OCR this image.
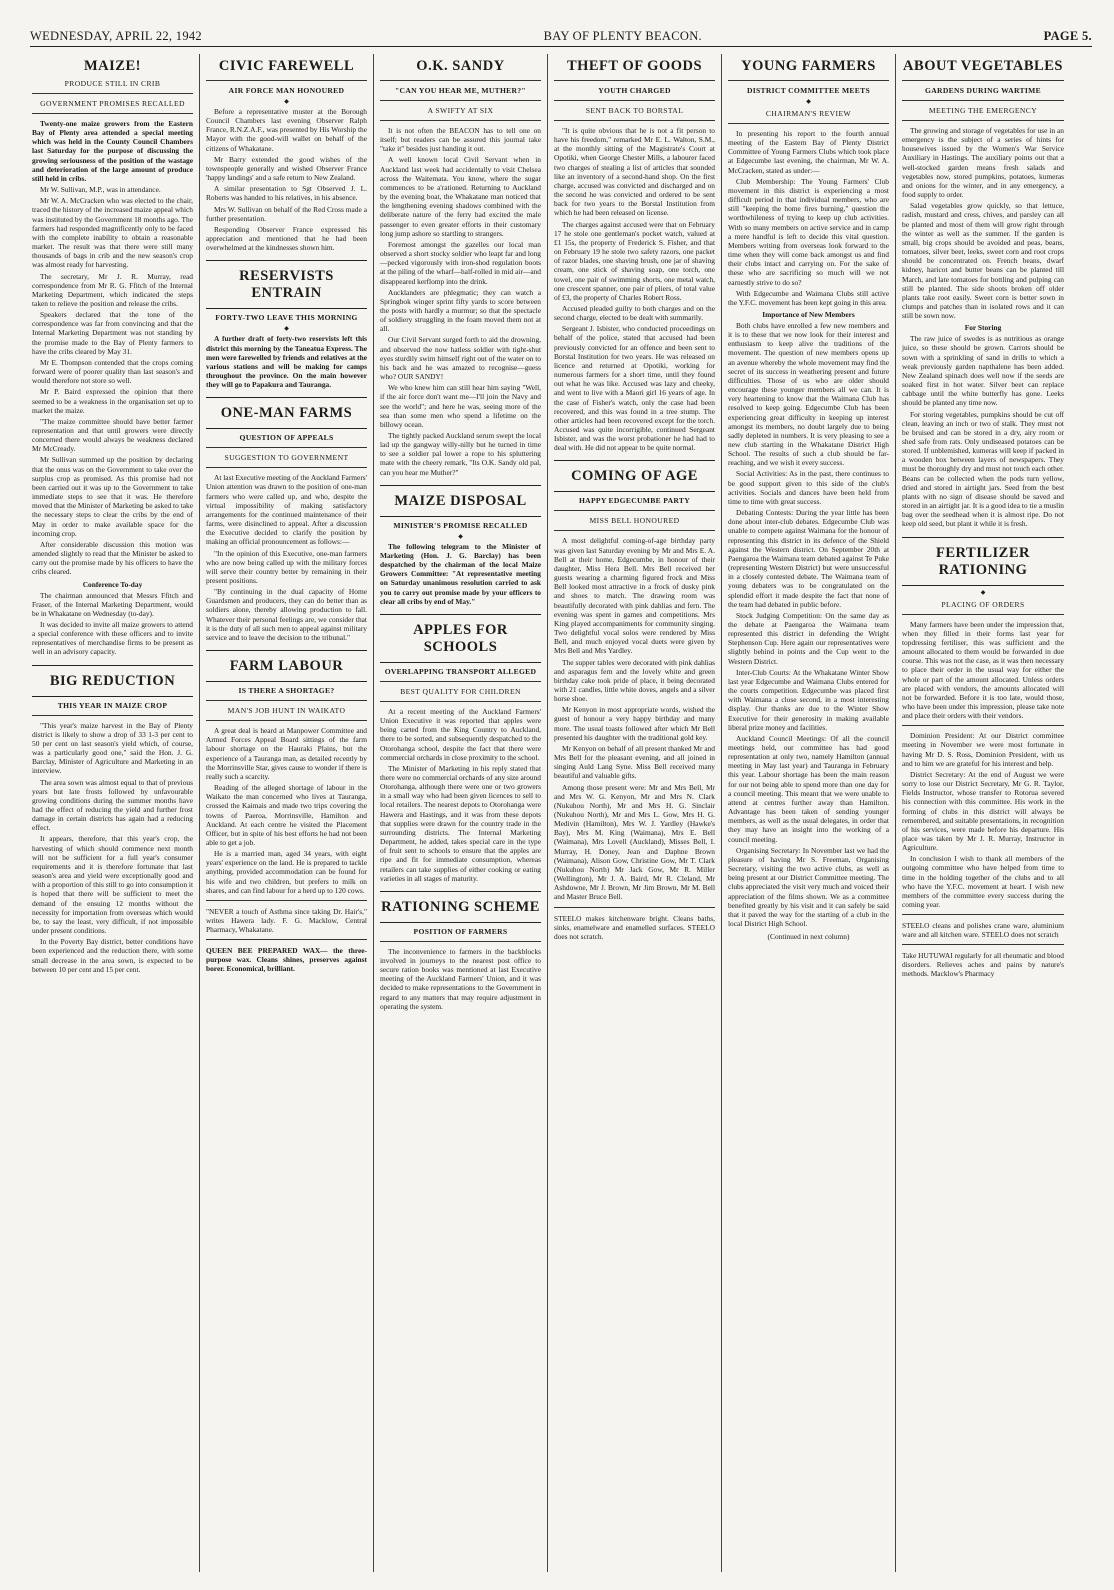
WEDNESDAY, APRIL 22, 1942	BAY OF PLENTY BEACON.	PAGE 5.
MAIZE!
PRODUCE STILL IN CRIB
GOVERNMENT PROMISES RECALLED

Twenty-one maize growers from the Eastern Bay of Plenty area attended a special meeting which was held in the County Council Chambers last Saturday for the purpose of discussing the growing seriousness of the position of the wastage and deterioration of the large amount of produce still held in cribs.

Mr W. Sullivan, M.P., was in attendance.

Mr W. A. McCracken who was elected to the chair, traced the history of the increased maize appeal which was instituted by the Government 18 months ago. The farmers had responded magnificently only to be faced with the complete inability to obtain a reasonable market. The result was that there were still many thousands of bags in crib and the new season's crop was almost ready for harvesting.

The secretary, Mr J. R. Murray, read correspondence from Mr R. G. Ffitch of the Internal Marketing Department, which indicated the steps taken to relieve the position and release the cribs.

Speakers declared that the tone of the correspondence was far from convincing and that the Internal Marketing Department was not standing by the promise made to the Bay of Plenty farmers to have the cribs cleared by May 31.

Mr E. Thompson contended that the crops coming forward were of poorer quality than last season's and would therefore not store so well.

Mr P. Baird expressed the opinion that there seemed to be a weakness in the organisation set up to market the maize.

"The maize committee should have better farmer representation and that until growers were directly concerned there would always be weakness declared Mr McCready.

Mr Sullivan summed up the position by declaring that the onus was on the Government to take over the surplus crop as promised. As this promise had not been carried out it was up to the Government to take immediate steps to see that it was. He therefore moved that the Minister of Marketing be asked to take the necessary steps to clear the cribs by the end of May in order to make available space for the incoming crop.

After considerable discussion this motion was amended slightly to read that the Minister be asked to carry out the promise made by his officers to have the cribs cleared.

Conference To-day

The chairman announced that Messrs Ffitch and Fraser, of the Internal Marketing Department, would be in Whakatane on Wednesday (to-day).

It was decided to invite all maize growers to attend a special conference with these officers and to invite representatives of merchandise firms to be present as well in an advisory capacity.

BIG REDUCTION
THIS YEAR IN MAIZE CROP

"This year's maize harvest in the Bay of Plenty district is likely to show a drop of 33 1-3 per cent to 50 per cent on last season's yield which, of course, was a particularly good one," said the Hon. J. G. Barclay, Minister of Agriculture and Marketing in an interview.

The area sown was almost equal to that of previous years but late frosts followed by unfavourable growing conditions during the summer months have had the effect of reducing the yield and further frost damage in certain districts has again had a reducing effect.

It appears, therefore, that this year's crop, the harvesting of which should commence next month will not be sufficient for a full year's consumer requirements and it is therefore fortunate that last season's area and yield were exceptionally good and with a proportion of this still to go into consumption it is hoped that there will be sufficient to meet the demand of the ensuing 12 months without the necessity for importation from overseas which would be, to say the least, very difficult, if not impossible under present conditions.

In the Poverty Bay district, better conditions have been experienced and the reduction there, with some small decrease in the area sown, is expected to be between 10 per cent and 15 per cent.

CIVIC FAREWELL
AIR FORCE MAN HONOURED
◆

Before a representative muster at the Borough Council Chambers last evening Observer Ralph France, R.N.Z.A.F., was presented by His Worship the Mayor with the good-will wallet on behalf of the citizens of Whakatane.

Mr Barry extended the good wishes of the townspeople generally and wished Observer France 'happy landings' and a safe return to New Zealand.

A similar presentation to Sgt Observed J. L. Roberts was handed to his relatives, in his absence.

Mrs W. Sullivan on behalf of the Red Cross made a further presentation.

Responding Observer France expressed his appreciation and mentioned that he had been overwhelmed at the kindnesses shown him.

RESERVISTS ENTRAIN
FORTY-TWO LEAVE THIS MORNING
◆

A further draft of forty-two reservists left this district this morning by the Taneatua Express. The men were farewelled by friends and relatives at the various stations and will be making for camps throughout the province. On the main however they will go to Papakura and Tauranga.

ONE-MAN FARMS
QUESTION OF APPEALS
SUGGESTION TO GOVERNMENT

At last Executive meeting of the Auckland Farmers' Union attention was drawn to the position of one-man farmers who were called up, and who, despite the virtual impossibility of making satisfactory arrangements for the continued maintenance of their farms, were disinclined to appeal. After a discussion the Executive decided to clarify the position by making an official pronouncement as follows:—

"In the opinion of this Executive, one-man farmers who are now being called up with the military forces will serve their country better by remaining in their present positions.

"By continuing in the dual capacity of Home Guardsmen and producers, they can do better than as soldiers alone, thereby allowing production to fall. Whatever their personal feelings are, we consider that it is the duty of all such men to appeal against military service and to leave the decision to the tribunal."

FARM LABOUR
IS THERE A SHORTAGE?
MAN'S JOB HUNT IN WAIKATO

A great deal is heard at Manpower Committee and Armed Forces Appeal Board sittings of the farm labour shortage on the Hauraki Plains, but the experience of a Tauranga man, as detailed recently by the Morrinsville Star, gives cause to wonder if there is really such a scarcity.

Reading of the alleged shortage of labour in the Waikato the man concerned who lives at Tauranga, crossed the Kaimais and made two trips covering the towns of Paeroa, Morrinsville, Hamilton and Auckland. At each centre he visited the Placement Officer, but in spite of his best efforts he had not been able to get a job.

He is a married man, aged 34 years, with eight years' experience on the land. He is prepared to tackle anything, provided accommodation can be found for his wife and two children, but prefers to milk on shares, and can find labour for a herd up to 120 cows.

"NEVER a touch of Asthma since taking Dr. Hair's," writes Hawera lady. F. G. Macklow, Central Pharmacy, Whakatane.
QUEEN BEE PREPARED WAX— the three-purpose wax. Cleans shines, preserves against borer. Economical, brilliant.
O.K. SANDY
"CAN YOU HEAR ME, MUTHER?"
A SWIFTY AT SIX

It is not often the BEACON has to tell one on itself; but readers can be assured this journal take "take it" besides just handing it out.

A well known local Civil Servant when in Auckland last week had accidentally to visit Chelsea across the Waitemata. You know, where the sugar commences to be a'rationed. Returning to Auckland by the evening boat, the Whakatane man noticed that the lengthening evening shadows combined with the deliberate nature of the ferry had excited the male passenger to even greater efforts in their customary long jump ashore so startling to strangers.

Foremost amongst the gazelles our local man observed a short stocky soldier who leapt far and long—pecked vigorously with iron-shod regulation boots at the piling of the wharf—half-rolled in mid air—and disappeared kerflomp into the drink.

Aucklanders are phlegmatic; they can watch a Springbok winger sprint fifty yards to score between the posts with hardly a murmur; so that the spectacle of soldiery struggling in the foam moved them not at all.

Our Civil Servant surged forth to aid the drowning, and observed the now hatless soldier with tight-shut eyes sturdily swim himself right out of the water on to his back and he was amazed to recognise—guess who? OUR SANDY!

We who knew him can still hear him saying "Well, if the air force don't want me—I'll join the Navy and see the world"; and here he was, seeing more of the sea than some men who spend a lifetime on the billowy ocean.

The tightly packed Auckland serum swept the local lad up the gangway willy-nilly but he turned in time to see a soldier pal lower a rope to his spluttering mate with the cheery remark, "Its O.K. Sandy old pal, can you hear me Muther?"

MAIZE DISPOSAL
MINISTER'S PROMISE RECALLED
◆

The following telegram to the Minister of Marketing (Hon. J. G. Barclay) has been despatched by the chairman of the local Maize Growers Committee: "At representative meeting on Saturday unanimous resolution carried to ask you to carry out promise made by your officers to clear all cribs by end of May."

APPLES FOR SCHOOLS
OVERLAPPING TRANSPORT ALLEGED
BEST QUALITY FOR CHILDREN

At a recent meeting of the Auckland Farmers' Union Executive it was reported that apples were being carted from the King Country to Auckland, there to be sorted, and subsequently despatched to the Otorohanga school, despite the fact that there were commercial orchards in close proximity to the school.

The Minister of Marketing in his reply stated that there were no commercial orchards of any size around Otorohanga, although there were one or two growers in a small way who had been given licences to sell to local retailers. The nearest depots to Otorohanga were Hawera and Hastings, and it was from these depots that supplies were drawn for the country trade in the surrounding districts. The Internal Marketing Department, he added, takes special care in the type of fruit sent to schools to ensure that the apples are ripe and fit for immediate consumption, whereas retailers can take supplies of either cooking or eating varieties in all stages of maturity.

RATIONING SCHEME
POSITION OF FARMERS

The inconvenience to farmers in the backblocks involved in journeys to the nearest post office to secure ration books was mentioned at last Executive meeting of the Auckland Farmers' Union, and it was decided to make representations to the Government in regard to any matters that may require adjustment in operating the system.

THEFT OF GOODS
YOUTH CHARGED
SENT BACK TO BORSTAL

"It is quite obvious that he is not a fit person to have his freedom," remarked Mr E. L. Walton, S.M., at the monthly sitting of the Magistrate's Court at Opotiki, when George Chester Mills, a labourer faced two charges of stealing a list of articles that sounded like an inventory of a second-hand shop. On the first charge, accused was convicted and discharged and on the second he was convicted and ordered to be sent back for two years to the Borstal Institution from which he had been released on license.

The charges against accused were that on February 17 he stole one gentleman's pocket watch, valued at £1 15s, the property of Frederick S. Fisher, and that on February 19 he stole two safety razors, one packet of razor blades, one shaving brush, one jar of shaving cream, one stick of shaving soap, one torch, one towel, one pair of swimming shorts, one metal watch, one crescent spanner, one pair of pliers, of total value of £3, the property of Charles Robert Ross.

Accused pleaded guilty to both charges and on the second charge, elected to be dealt with summarily.

Sergeant J. Isbister, who conducted proceedings on behalf of the police, stated that accused had been previously convicted for an offence and been sent to Borstal Institution for two years. He was released on licence and returned at Opotiki, working for numerous farmers for a short time, until they found out what he was like. Accused was lazy and cheeky, and went to live with a Maori girl 16 years of age. In the case of Fisher's watch, only the case had been recovered, and this was found in a tree stump. The other articles had been recovered except for the torch. Accused was quite incorrigible, continued Sergeant Isbister, and was the worst probationer he had had to deal with. He did not appear to be quite normal.

COMING OF AGE
HAPPY EDGECUMBE PARTY
MISS BELL HONOURED

A most delightful coming-of-age birthday party was given last Saturday evening by Mr and Mrs E. A. Bell at their home, Edgecumbe, in honour of their daughter, Miss Hera Bell. Mrs Bell received her guests wearing a charming figured frock and Miss Bell looked most attractive in a frock of dusky pink and shoes to match. The drawing room was beautifully decorated with pink dahlias and fern. The evening was spent in games and competitions. Mrs King played accompaniments for community singing. Two delightful vocal solos were rendered by Miss Bell, and much enjoyed vocal duets were given by Mrs Bell and Mrs Yardley.

The supper tables were decorated with pink dahlias and asparagus fern and the lovely white and green birthday cake took pride of place, it being decorated with 21 candles, little white doves, angels and a silver horse shoe.

Mr Kenyon in most appropriate words, wished the guest of honour a very happy birthday and many more. The usual toasts followed after which Mr Bell presented his daughter with the traditional gold key.

Mr Kenyon on behalf of all present thanked Mr and Mrs Bell for the pleasant evening, and all joined in singing Auld Lang Syne. Miss Bell received many beautiful and valuable gifts.

Among those present were: Mr and Mrs Bell, Mr and Mrs W. G. Kenyon, Mr and Mrs N. Clark (Nukuhou North), Mr and Mrs H. G. Sinclair (Nukuhou North), Mr and Mrs L. Gow, Mrs H. G. Medivin (Hamilton), Mrs W. J. Yardley (Hawke's Bay), Mrs M. King (Waimana), Mrs E. Bell (Waimana), Mrs Lovell (Auckland), Misses Bell, I. Murray, H. Doney, Jean and Daphne Brown (Waimana), Alison Gow, Christine Gow, Mr T. Clark (Nukuhou North) Mr Jack Gow, Mr R. Miller (Wellington), Mr J. A. Baird, Mr R. Cleland, Mr Ashdowne, Mr J. Brown, Mr Jim Brown, Mr M. Bell and Master Bruce Bell.

STEELO makes kitchenware bright. Cleans baths, sinks, enamelware and enamelled surfaces. STEELO does not scratch.
YOUNG FARMERS
DISTRICT COMMITTEE MEETS
◆
CHAIRMAN'S REVIEW

In presenting his report to the fourth annual meeting of the Eastern Bay of Plenty District Committee of Young Farmers Clubs which took place at Edgecumbe last evening, the chairman, Mr W. A. McCracken, stated as under:—

Club Membership: The Young Farmers' Club movement in this district is experiencing a most difficult period in that individual members, who are still "keeping the home fires burning," question the worthwhileness of trying to keep up club activities. With so many members on active service and in camp a mere handful is left to decide this vital question. Members writing from overseas look forward to the time when they will come back amongst us and find their clubs intact and carrying on. For the sake of these who are sacrificing so much will we not earnestly strive to do so?

With Edgecumbe and Waimana Clubs still active the Y.F.C. movement has been kept going in this area.

Importance of New Members

Both clubs have enrolled a few new members and it is to these that we now look for their interest and enthusiasm to keep alive the traditions of the movement. The question of new members opens up an avenue whereby the whole movement may find the secret of its success in weathering present and future difficulties. Those of us who are older should encourage these younger members all we can. It is very heartening to know that the Waimana Club has resolved to keep going. Edgecumbe Club has been experiencing great difficulty in keeping up interest amongst its members, no doubt largely due to being sadly depleted in numbers. It is very pleasing to see a new club starting in the Whakatane District High School. The results of such a club should be far-reaching, and we wish it every success.

Social Activities: As in the past, there continues to be good support given to this side of the club's activities. Socials and dances have been held from time to time with great success.

Debating Contests: During the year little has been done about inter-club debates. Edgecumbe Club was unable to compete against Waimana for the honour of representing this district in its defence of the Shield against the Western district. On September 20th at Paengaroa the Waimana team debated against Te Puke (representing Western District) but were unsuccessful in a closely contested debate. The Waimana team of young debaters was to be congratulated on the splendid effort it made despite the fact that none of the team had debated in public before.

Stock Judging Competition: On the same day as the debate at Paengaroa the Waimana team represented this district in defending the Wright Stephenson Cup. Here again our representatives were slightly behind in points and the Cup went to the Western District.

Inter-Club Courts: At the Whakatane Winter Show last year Edgecumbe and Waimana Clubs entered for the courts competition. Edgecumbe was placed first with Waimana a close second, in a most interesting display. Our thanks are due to the Winter Show Executive for their generosity in making available liberal prize money and facilities.

Auckland Council Meetings: Of all the council meetings held, our committee has had good representation at only two, namely Hamilton (annual meeting in May last year) and Tauranga in February this year. Labour shortage has been the main reason for our not being able to spend more than one day for a council meeting. This meant that we were unable to attend at centres further away than Hamilton. Advantage has been taken of sending younger members, as well as the usual delegates, in order that they may have an insight into the working of a council meeting.

Organising Secretary: In November last we had the pleasure of having Mr S. Freeman, Organising Secretary, visiting the two active clubs, as well as being present at our District Committee meeting. The clubs appreciated the visit very much and voiced their appreciation of the films shown. We as a committee benefited greatly by his visit and it can safely be said that it paved the way for the starting of a club in the local District High School.

(Continued in next column)
ABOUT VEGETABLES
GARDENS DURING WARTIME
MEETING THE EMERGENCY

The growing and storage of vegetables for use in an emergency is the subject of a series of hints for housewives issued by the Women's War Service Auxiliary in Hastings. The auxiliary points out that a well-stocked garden means fresh salads and vegetables now, stored pumpkins, potatoes, kumeras and onions for the winter, and in any emergency, a food supply to order.

Salad vegetables grow quickly, so that lettuce, radish, mustard and cress, chives, and parsley can all be planted and most of them will grow right through the winter as well as the summer. If the garden is small, big crops should be avoided and peas, beans, tomatoes, silver beet, leeks, sweet corn and root crops should be concentrated on. French beans, dwarf kidney, haricot and butter beans can be planted till March, and late tomatoes for bottling and pulping can still be planted. The side shoots broken off older plants take root easily. Sweet corn is better sown in clumps and patches than in isolated rows and it can still be sown now.

For Storing

The raw juice of swedes is as nutritious as orange juice, so these should be grown. Carrots should be sown with a sprinkling of sand in drills to which a weak previously garden napthalene has been added. New Zealand spinach does well now if the seeds are soaked first in hot water. Silver beet can replace cabbage until the white butterfly has gone. Leeks should be planted any time now.

For storing vegetables, pumpkins should be cut off clean, leaving an inch or two of stalk. They must not be bruised and can be stored in a dry, airy room or shed safe from rats. Only undiseased potatoes can be stored. If unblemished, kumeras will keep if packed in a wooden box between layers of newspapers. They must be thoroughly dry and must not touch each other. Beans can be collected when the pods turn yellow, dried and stored in airtight jars. Seed from the best plants with no sign of disease should be saved and stored in an airtight jar. It is a good idea to tie a muslin bag over the seedhead when it is almost ripe. Do not keep old seed, but plant it while it is fresh.

FERTILIZER RATIONING
◆
PLACING OF ORDERS

Many farmers have been under the impression that, when they filled in their forms last year for topdressing fertiliser, this was sufficient and the amount allocated to them would be forwarded in due course. This was not the case, as it was then necessary to place their order in the usual way for either the whole or part of the amount allocated. Unless orders are placed with vendors, the amounts allocated will not be forwarded. Before it is too late, would those, who have been under this impression, please take note and place their orders with their vendors.

Dominion President: At our District committee meeting in November we were most fortunate in having Mr D. S. Ross, Dominion President, with us and to him we are grateful for his interest and help.

District Secretary: At the end of August we were sorry to lose our District Secretary, Mr G. R. Taylor, Fields Instructor, whose transfer to Rotorua severed his connection with this committee. His work in the forming of clubs in this district will always be remembered, and suitable presentations, in recognition of his services, were made before his departure. His place was taken by Mr J. R. Murray, Instructor in Agriculture.

In conclusion I wish to thank all members of the outgoing committee who have helped from time to time in the holding together of the clubs and to all who have the Y.F.C. movement at heart. I wish new members of the committee every success during the coming year.

STEELO cleans and polishes crane ware, aluminium ware and all kitchen ware. STEELO does not scratch
Take HUTUWAI regularly for all rheumatic and blood disorders. Relieves aches and pains by nature's methods. Macklow's Pharmacy
